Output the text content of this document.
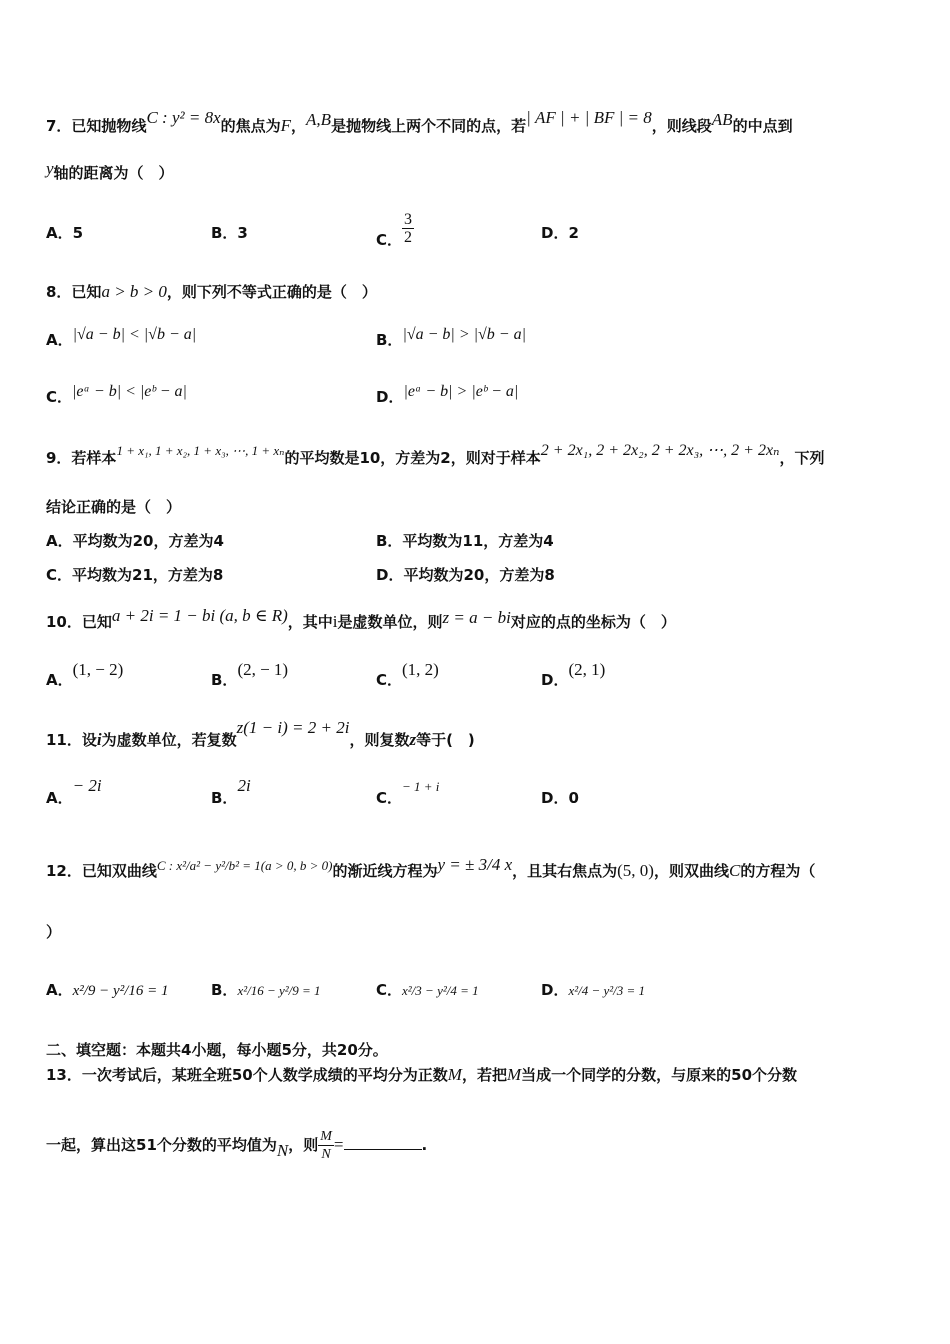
7．已知抛物线C : y² = 8x的焦点为F，A,B是抛物线上两个不同的点，若| AF | + | BF | = 8，则线段AB的中点到
y轴的距离为（　）
A．5	B．3	C． $\frac{3}{2}$	D．2
8．已知a > b > 0，则下列不等式正确的是（　）
A．|√a − b| < |√b − a|	B．|√a − b| > |√b − a|
C．|eᵃ − b| < |eᵇ − a|	D．|eᵃ − b| > |eᵇ − a|
9．若样本1 + x₁, 1 + x₂, 1 + x₃, ⋯, 1 + xₙ的平均数是10，方差为2，则对于样本2 + 2x₁, 2 + 2x₂, 2 + 2x₃, ⋯, 2 + 2xₙ，下列
结论正确的是（　）
A．平均数为20，方差为4	B．平均数为11，方差为4
C．平均数为21，方差为8	D．平均数为20，方差为8
10．已知a + 2i = 1 − bi (a, b ∈ R)，其中i是虚数单位，则z = a − bi对应的点的坐标为（　）
A．(1, − 2)
B．(2, − 1)
C．(1, 2)
D．(2, 1)
11．设i为虚数单位，若复数z(1 − i) = 2 + 2i，则复数z等于(　)
A．− 2i
B．2i
C．− 1 + i
D．0
12．已知双曲线C : x²/a² − y²/b² = 1(a > 0, b > 0)的渐近线方程为y = ± 3/4 x，且其右焦点为(5, 0)，则双曲线C的方程为（
）
A．x²/9 − y²/16 = 1	B．x²/16 − y²/9 = 1	C．x²/3 − y²/4 = 1	D．x²/4 − y²/3 = 1
二、填空题：本题共4小题，每小题5分，共20分。
13．一次考试后，某班全班50个人数学成绩的平均分为正数M，若把M当成一个同学的分数，与原来的50个分数
一起，算出这51个分数的平均值为N，则 $\frac{M}{N}$ =	.
